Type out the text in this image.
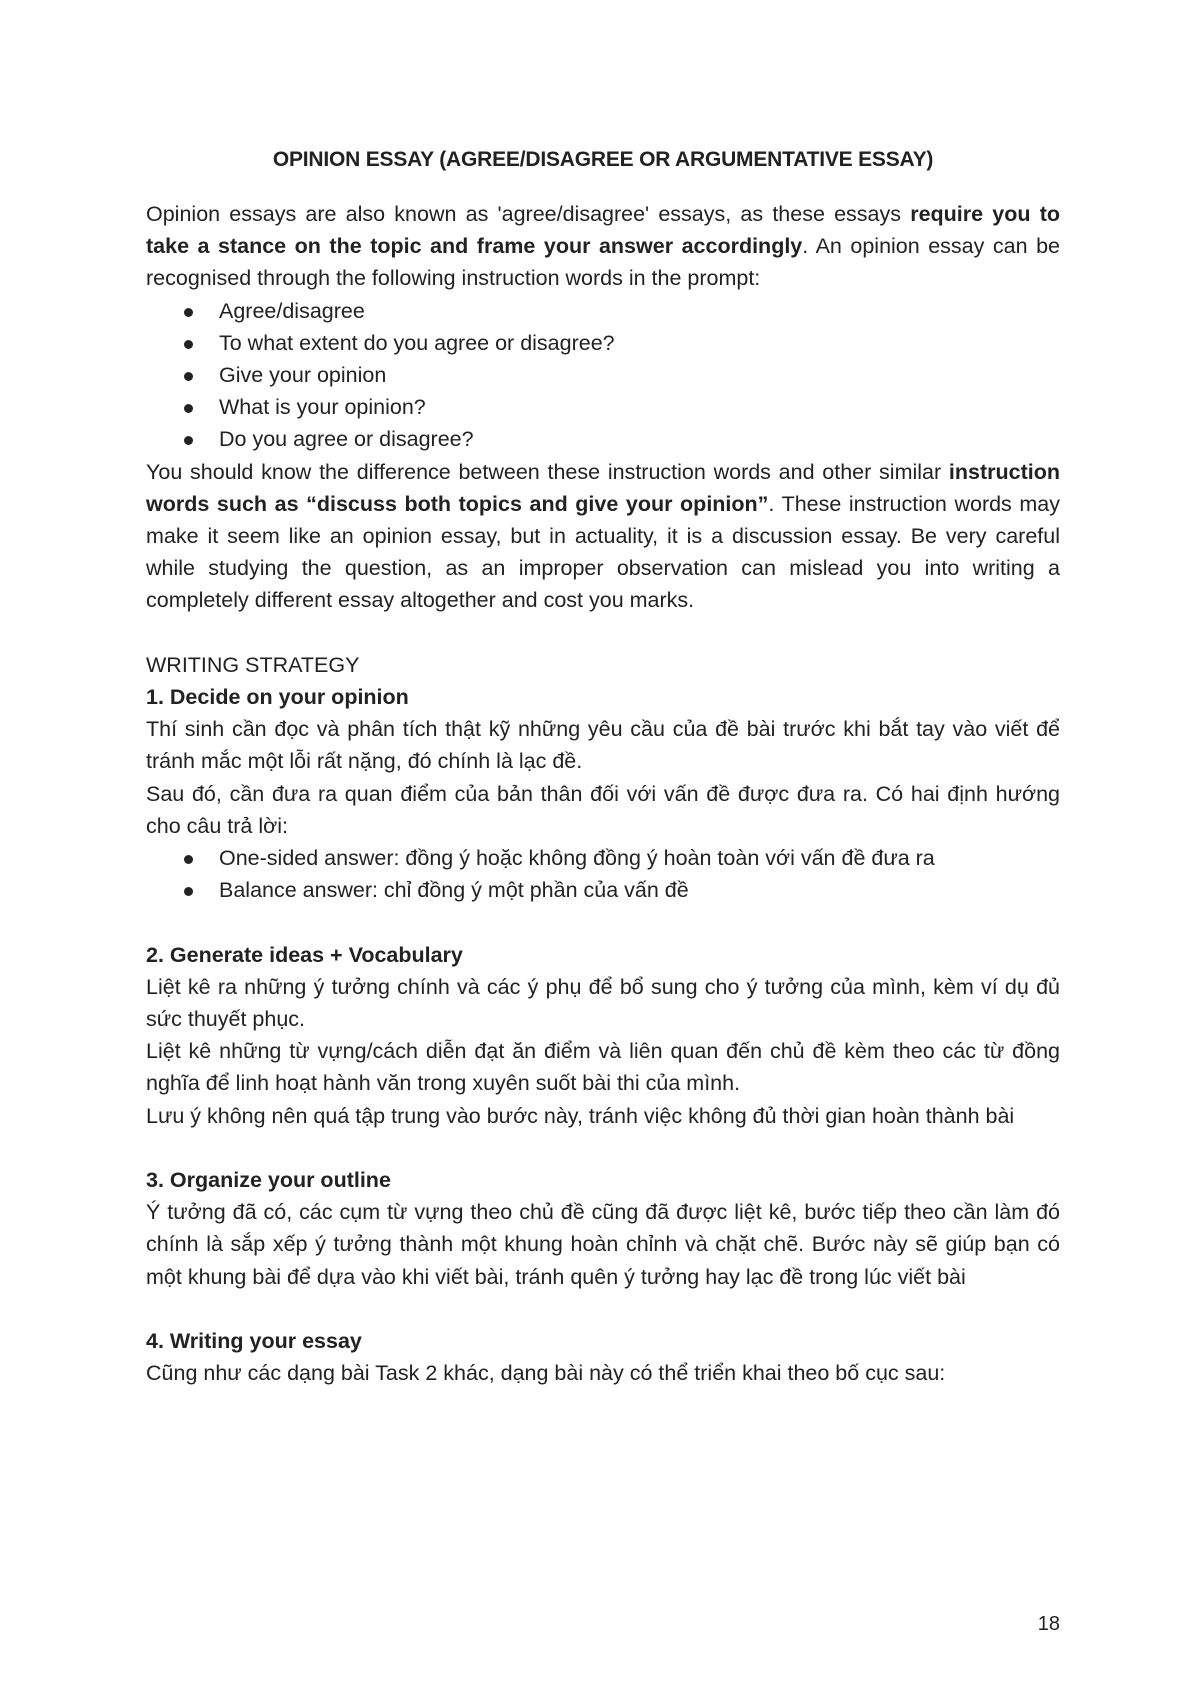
OPINION ESSAY (AGREE/DISAGREE OR ARGUMENTATIVE ESSAY)

Opinion essays are also known as 'agree/disagree' essays, as these essays require you to take a stance on the topic and frame your answer accordingly. An opinion essay can be recognised through the following instruction words in the prompt:

Agree/disagree
To what extent do you agree or disagree?
Give your opinion
What is your opinion?
Do you agree or disagree?

You should know the difference between these instruction words and other similar instruction words such as “discuss both topics and give your opinion”. These instruction words may make it seem like an opinion essay, but in actuality, it is a discussion essay. Be very careful while studying the question, as an improper observation can mislead you into writing a completely different essay altogether and cost you marks.

WRITING STRATEGY

1. Decide on your opinion

Thí sinh cần đọc và phân tích thật kỹ những yêu cầu của đề bài trước khi bắt tay vào viết để tránh mắc một lỗi rất nặng, đó chính là lạc đề.

Sau đó, cần đưa ra quan điểm của bản thân đối với vấn đề được đưa ra. Có hai định hướng cho câu trả lời:

One-sided answer: đồng ý hoặc không đồng ý hoàn toàn với vấn đề đưa ra
Balance answer: chỉ đồng ý một phần của vấn đề

2. Generate ideas + Vocabulary

Liệt kê ra những ý tưởng chính và các ý phụ để bổ sung cho ý tưởng của mình, kèm ví dụ đủ sức thuyết phục.

Liệt kê những từ vựng/cách diễn đạt ăn điểm và liên quan đến chủ đề kèm theo các từ đồng nghĩa để linh hoạt hành văn trong xuyên suốt bài thi của mình.

Lưu ý không nên quá tập trung vào bước này, tránh việc không đủ thời gian hoàn thành bài

3. Organize your outline

Ý tưởng đã có, các cụm từ vựng theo chủ đề cũng đã được liệt kê, bước tiếp theo cần làm đó chính là sắp xếp ý tưởng thành một khung hoàn chỉnh và chặt chẽ. Bước này sẽ giúp bạn có một khung bài để dựa vào khi viết bài, tránh quên ý tưởng hay lạc đề trong lúc viết bài

4. Writing your essay

Cũng như các dạng bài Task 2 khác, dạng bài này có thể triển khai theo bố cục sau:

18
